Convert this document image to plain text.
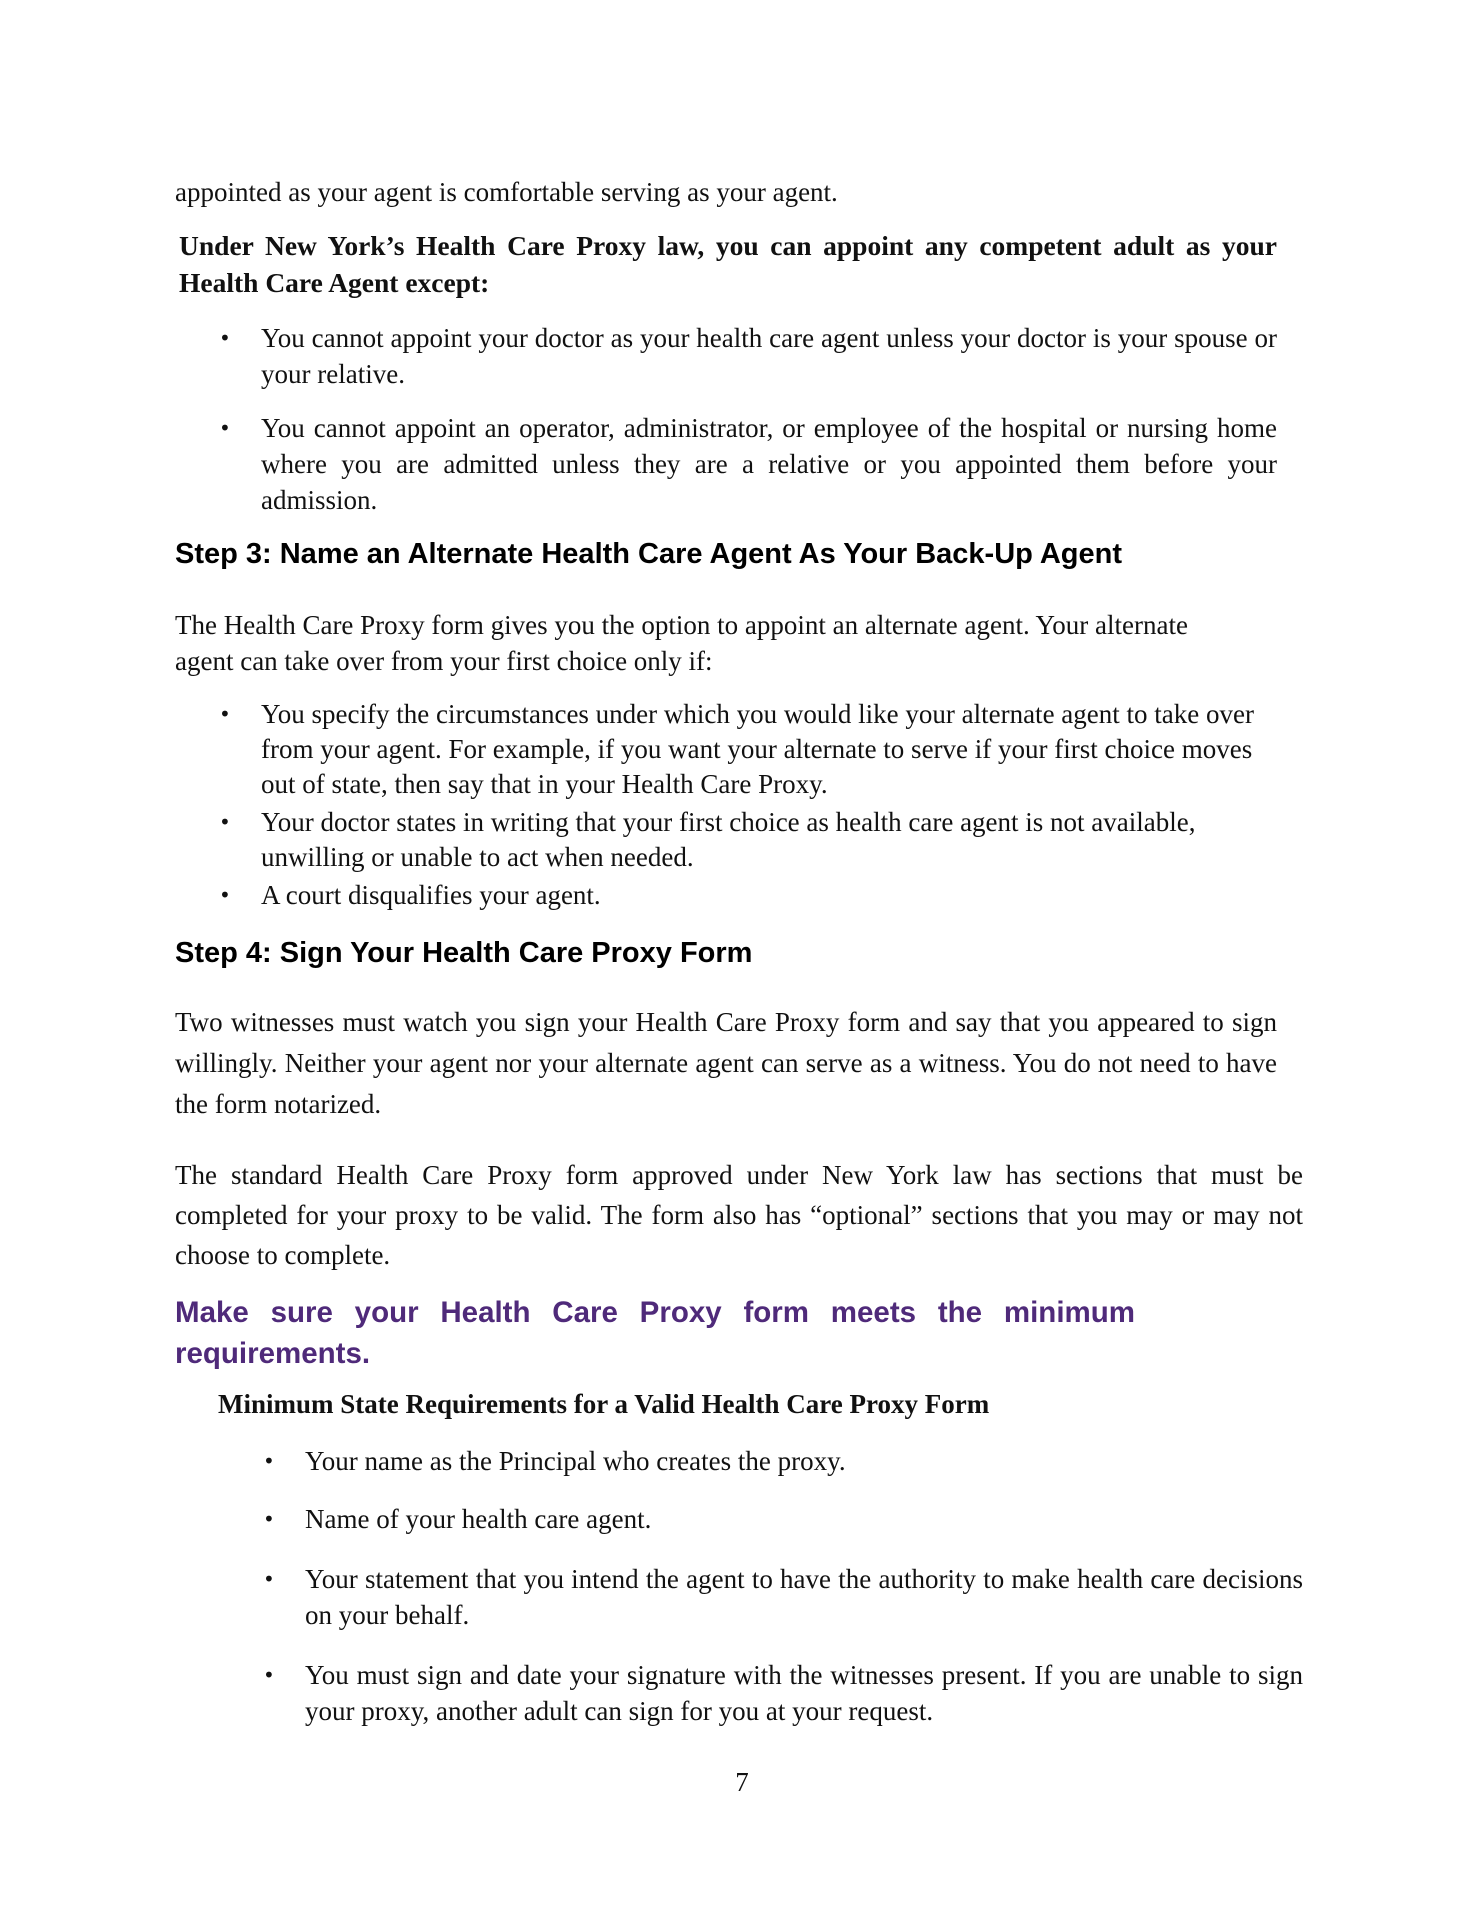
appointed as your agent is comfortable serving as your agent.
Under New York’s Health Care Proxy law, you can appoint any competent adult as your Health Care Agent except:
• You cannot appoint your doctor as your health care agent unless your doctor is your spouse or your relative.
• You cannot appoint an operator, administrator, or employee of the hospital or nursing home where you are admitted unless they are a relative or you appointed them before your admission.
Step 3: Name an Alternate Health Care Agent As Your Back-Up Agent
The Health Care Proxy form gives you the option to appoint an alternate agent. Your alternate agent can take over from your first choice only if:
• You specify the circumstances under which you would like your alternate agent to take over from your agent. For example, if you want your alternate to serve if your first choice moves out of state, then say that in your Health Care Proxy.
• Your doctor states in writing that your first choice as health care agent is not available, unwilling or unable to act when needed.
• A court disqualifies your agent.
Step 4: Sign Your Health Care Proxy Form
Two witnesses must watch you sign your Health Care Proxy form and say that you appeared to sign willingly. Neither your agent nor your alternate agent can serve as a witness. You do not need to have the form notarized.
The standard Health Care Proxy form approved under New York law has sections that must be completed for your proxy to be valid. The form also has “optional” sections that you may or may not choose to complete.
Make sure your Health Care Proxy form meets the minimum requirements.
Minimum State Requirements for a Valid Health Care Proxy Form
• Your name as the Principal who creates the proxy.
• Name of your health care agent.
• Your statement that you intend the agent to have the authority to make health care decisions on your behalf.
• You must sign and date your signature with the witnesses present. If you are unable to sign your proxy, another adult can sign for you at your request.
7
